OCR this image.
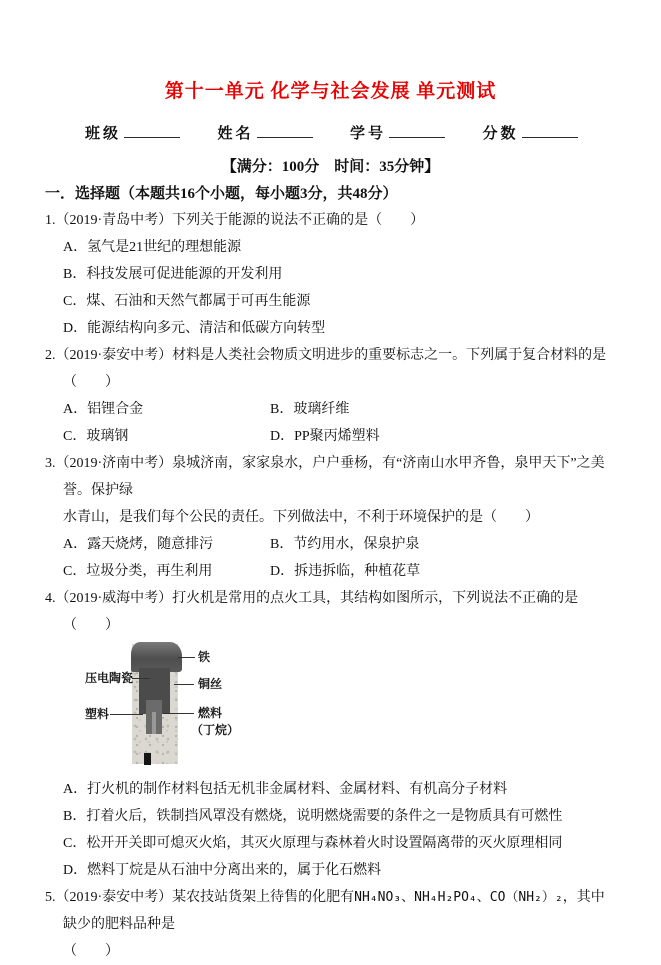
第十一单元 化学与社会发展 单元测试
班级	姓名	学号	分数
【满分：100分　时间：35分钟】
一．选择题（本题共16个小题，每小题3分，共48分）
1.（2019·青岛中考）下列关于能源的说法不正确的是（　　）
A．氢气是21世纪的理想能源
B．科技发展可促进能源的开发利用
C．煤、石油和天然气都属于可再生能源
D．能源结构向多元、清洁和低碳方向转型
2.（2019·泰安中考）材料是人类社会物质文明进步的重要标志之一。下列属于复合材料的是（　　）
A．铝锂合金	B．玻璃纤维
C．玻璃钢	D．PP聚丙烯塑料
3.（2019·济南中考）泉城济南，家家泉水，户户垂杨，有“济南山水甲齐鲁，泉甲天下”之美誉。保护绿
水青山，是我们每个公民的责任。下列做法中，不利于环境保护的是（　　）
A．露天烧烤，随意排污	B．节约用水，保泉护泉
C．垃圾分类，再生利用	D．拆违拆临，种植花草
4.（2019·威海中考）打火机是常用的点火工具，其结构如图所示，下列说法不正确的是（　　）
铁
压电陶瓷	铜丝
塑料	燃料
（丁烷）
A．打火机的制作材料包括无机非金属材料、金属材料、有机高分子材料
B．打着火后，铁制挡风罩没有燃烧，说明燃烧需要的条件之一是物质具有可燃性
C．松开开关即可熄灭火焰，其灭火原理与森林着火时设置隔离带的灭火原理相同
D．燃料丁烷是从石油中分离出来的，属于化石燃料
5.（2019·泰安中考）某农技站货架上待售的化肥有NH₄NO₃、NH₄H₂PO₄、CO（NH₂）₂，其中缺少的肥料品种是
（　　）
